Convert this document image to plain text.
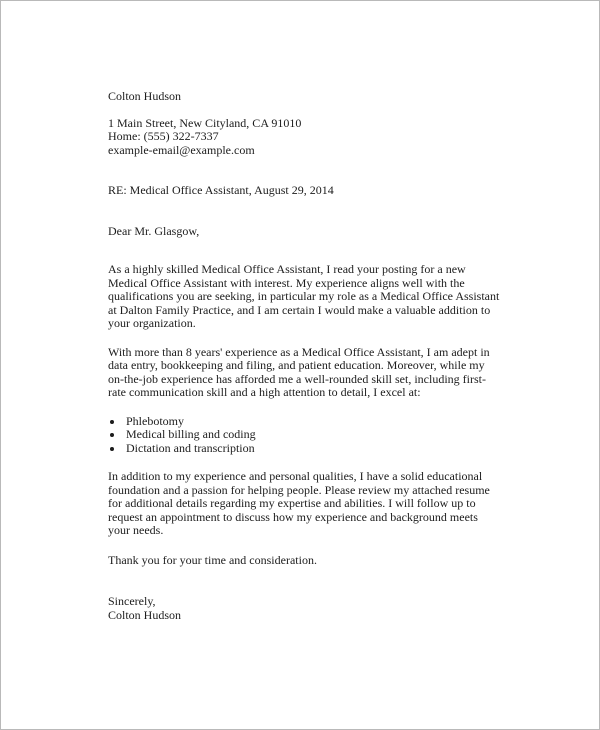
Colton Hudson

1 Main Street, New Cityland, CA 91010

Home: (555) 322-7337

example-email@example.com

RE: Medical Office Assistant, August 29, 2014

Dear Mr. Glasgow,

As a highly skilled Medical Office Assistant, I read your posting for a new Medical Office Assistant with interest. My experience aligns well with the qualifications you are seeking, in particular my role as a Medical Office Assistant at Dalton Family Practice, and I am certain I would make a valuable addition to your organization.

With more than 8 years' experience as a Medical Office Assistant, I am adept in data entry, bookkeeping and filing, and patient education. Moreover, while my on-the-job experience has afforded me a well-rounded skill set, including first-rate communication skill and a high attention to detail, I excel at:

• Phlebotomy
• Medical billing and coding
• Dictation and transcription

In addition to my experience and personal qualities, I have a solid educational foundation and a passion for helping people. Please review my attached resume for additional details regarding my expertise and abilities. I will follow up to request an appointment to discuss how my experience and background meets your needs.

Thank you for your time and consideration.

Sincerely,

Colton Hudson
